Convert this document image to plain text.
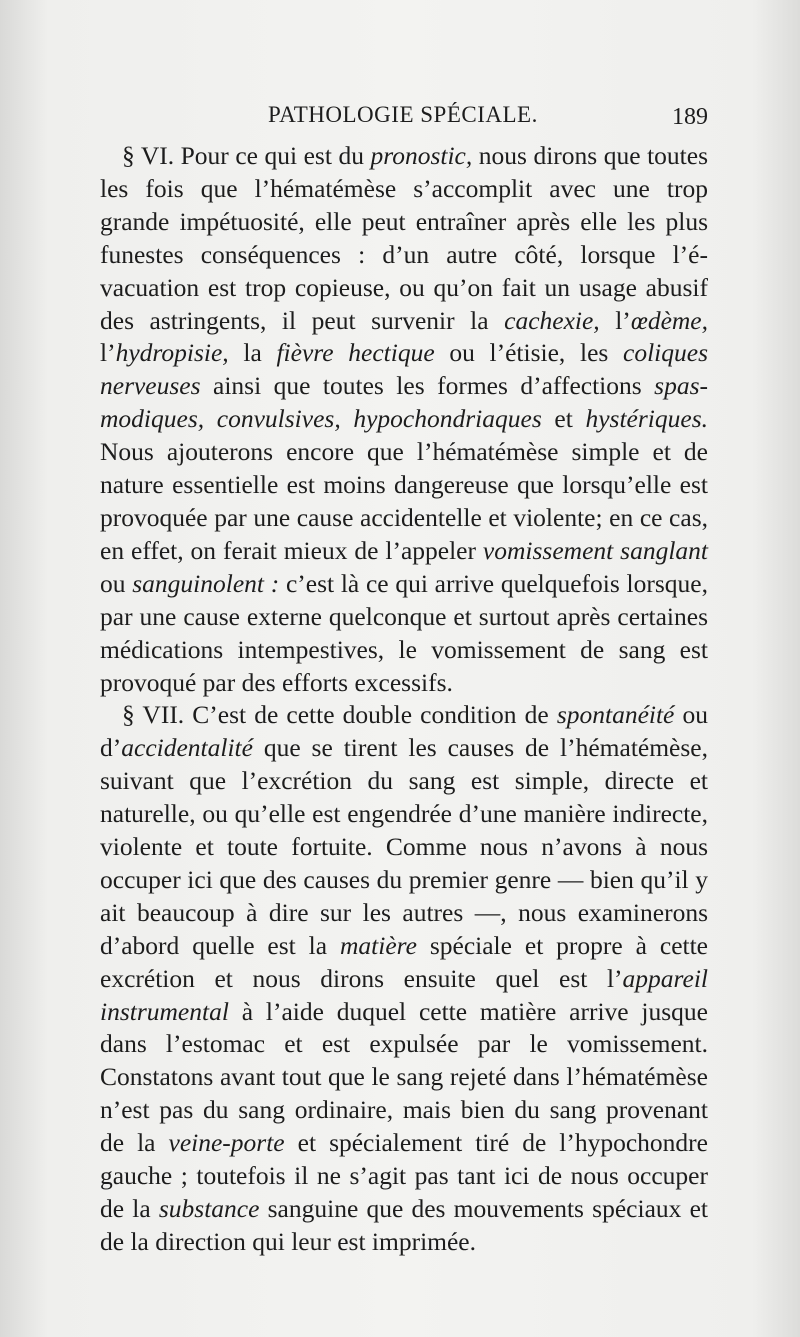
PATHOLOGIE SPÉCIALE.	189

§ VI. Pour ce qui est du pronostic, nous dirons que toutes les fois que l’hématémèse s’accomplit avec une trop grande impétuosité, elle peut entraîner après elle les plus funestes conséquences : d’un autre côté, lorsque l’évacuation est trop copieuse, ou qu’on fait un usage abusif des astringents, il peut survenir la cachexie, l’œdème, l’hydropisie, la fièvre hectique ou l’étisie, les coliques nerveuses ainsi que toutes les formes d’affections spasmodiques, convulsives, hypochondriaques et hystériques. Nous ajouterons encore que l’hématémèse simple et de nature essentielle est moins dangereuse que lorsqu’elle est provoquée par une cause accidentelle et violente; en ce cas, en effet, on ferait mieux de l’appeler vomissement sanglant ou sanguinolent : c’est là ce qui arrive quelquefois lorsque, par une cause externe quelconque et surtout après certaines médications intempestives, le vomissement de sang est provoqué par des efforts excessifs.

§ VII. C’est de cette double condition de spontanéité ou d’accidentalité que se tirent les causes de l’hématémèse, suivant que l’excrétion du sang est simple, directe et naturelle, ou qu’elle est engendrée d’une manière indirecte, violente et toute fortuite. Comme nous n’avons à nous occuper ici que des causes du premier genre — bien qu’il y ait beaucoup à dire sur les autres —, nous examinerons d’abord quelle est la matière spéciale et propre à cette excrétion et nous dirons ensuite quel est l’appareil instrumental à l’aide duquel cette matière arrive jusque dans l’estomac et est expulsée par le vomissement. Constatons avant tout que le sang rejeté dans l’hématémèse n’est pas du sang ordinaire, mais bien du sang provenant de la veine-porte et spécialement tiré de l’hypochondre gauche ; toutefois il ne s’agit pas tant ici de nous occuper de la substance sanguine que des mouvements spéciaux et de la direction qui leur est imprimée.
